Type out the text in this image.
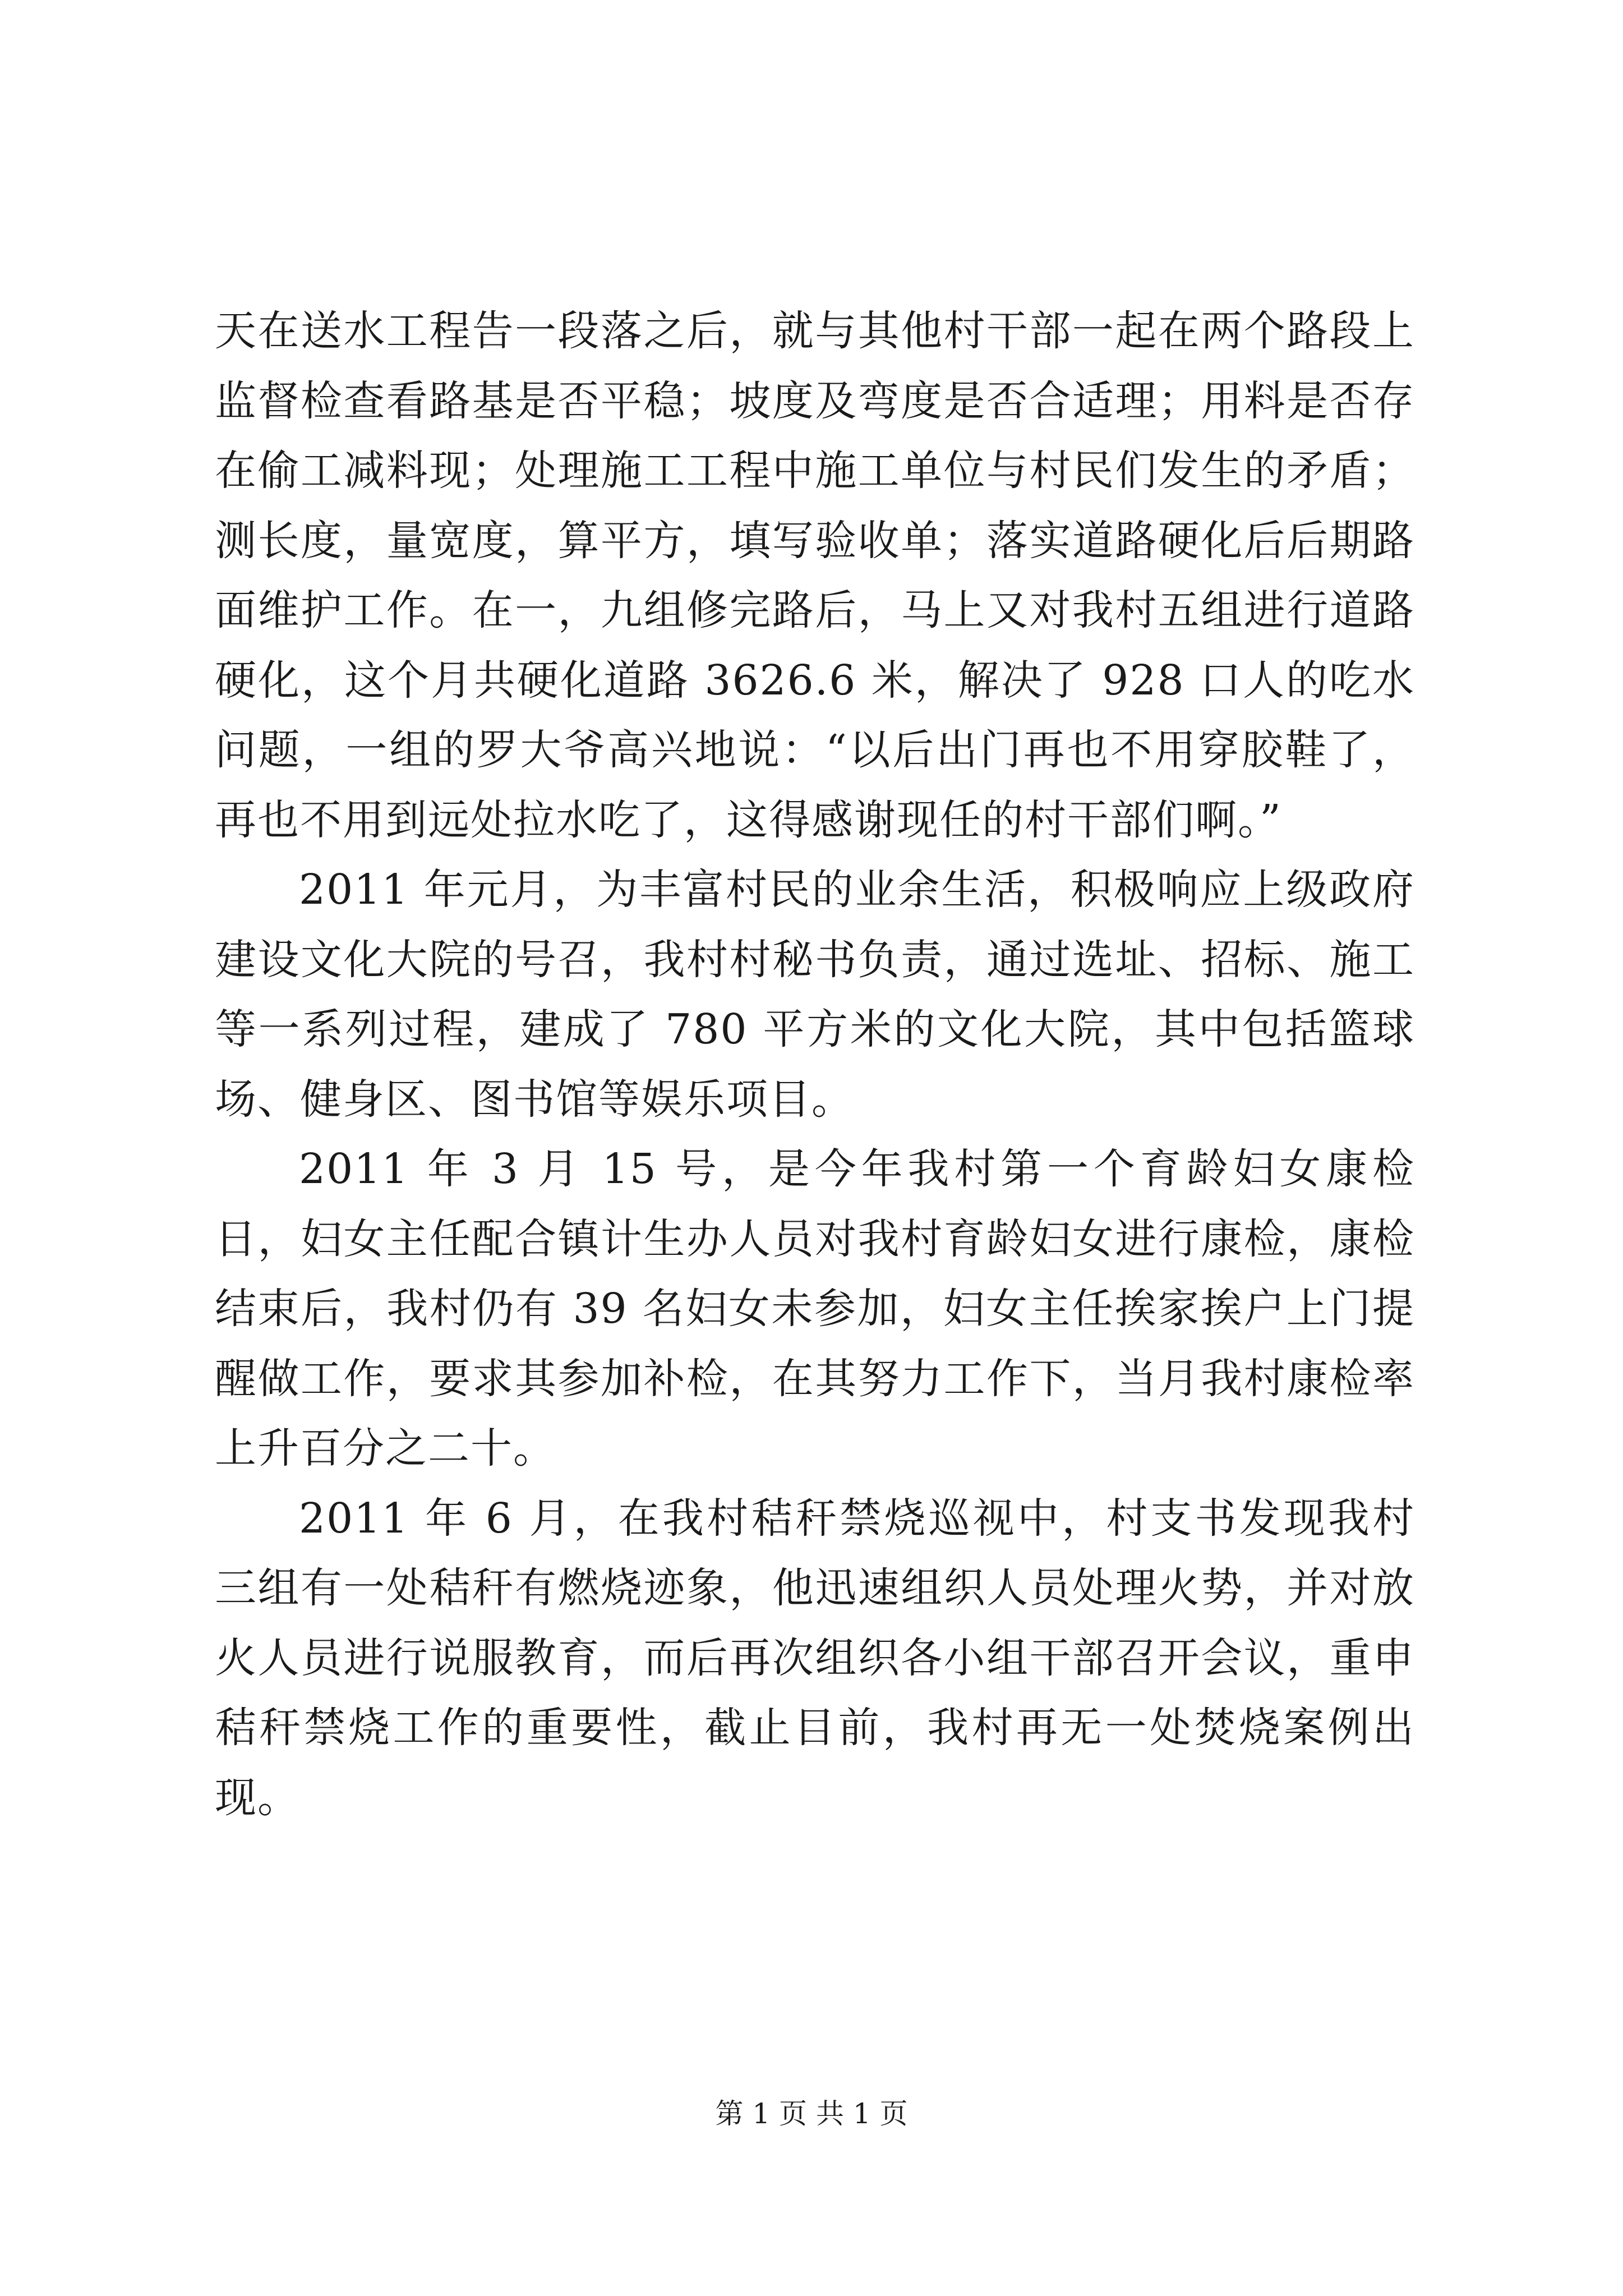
天在送水工程告一段落之后，就与其他村干部一起在两个路段上监督检查看路基是否平稳；坡度及弯度是否合适理；用料是否存在偷工减料现；处理施工工程中施工单位与村民们发生的矛盾；测长度，量宽度，算平方，填写验收单；落实道路硬化后后期路面维护工作。在一，九组修完路后，马上又对我村五组进行道路硬化，这个月共硬化道路 3626.6 米，解决了 928 口人的吃水问题，一组的罗大爷高兴地说：“以后出门再也不用穿胶鞋了，再也不用到远处拉水吃了，这得感谢现任的村干部们啊。”

2011 年元月，为丰富村民的业余生活，积极响应上级政府建设文化大院的号召，我村村秘书负责，通过选址、招标、施工等一系列过程，建成了 780 平方米的文化大院，其中包括篮球场、健身区、图书馆等娱乐项目。

2011 年 3 月 15 号，是今年我村第一个育龄妇女康检日，妇女主任配合镇计生办人员对我村育龄妇女进行康检，康检结束后，我村仍有 39 名妇女未参加，妇女主任挨家挨户上门提醒做工作，要求其参加补检，在其努力工作下，当月我村康检率上升百分之二十。

2011 年 6 月，在我村秸秆禁烧巡视中，村支书发现我村三组有一处秸秆有燃烧迹象，他迅速组织人员处理火势，并对放火人员进行说服教育，而后再次组织各小组干部召开会议，重申秸秆禁烧工作的重要性，截止目前，我村再无一处焚烧案例出现。

第 1 页 共 1 页
